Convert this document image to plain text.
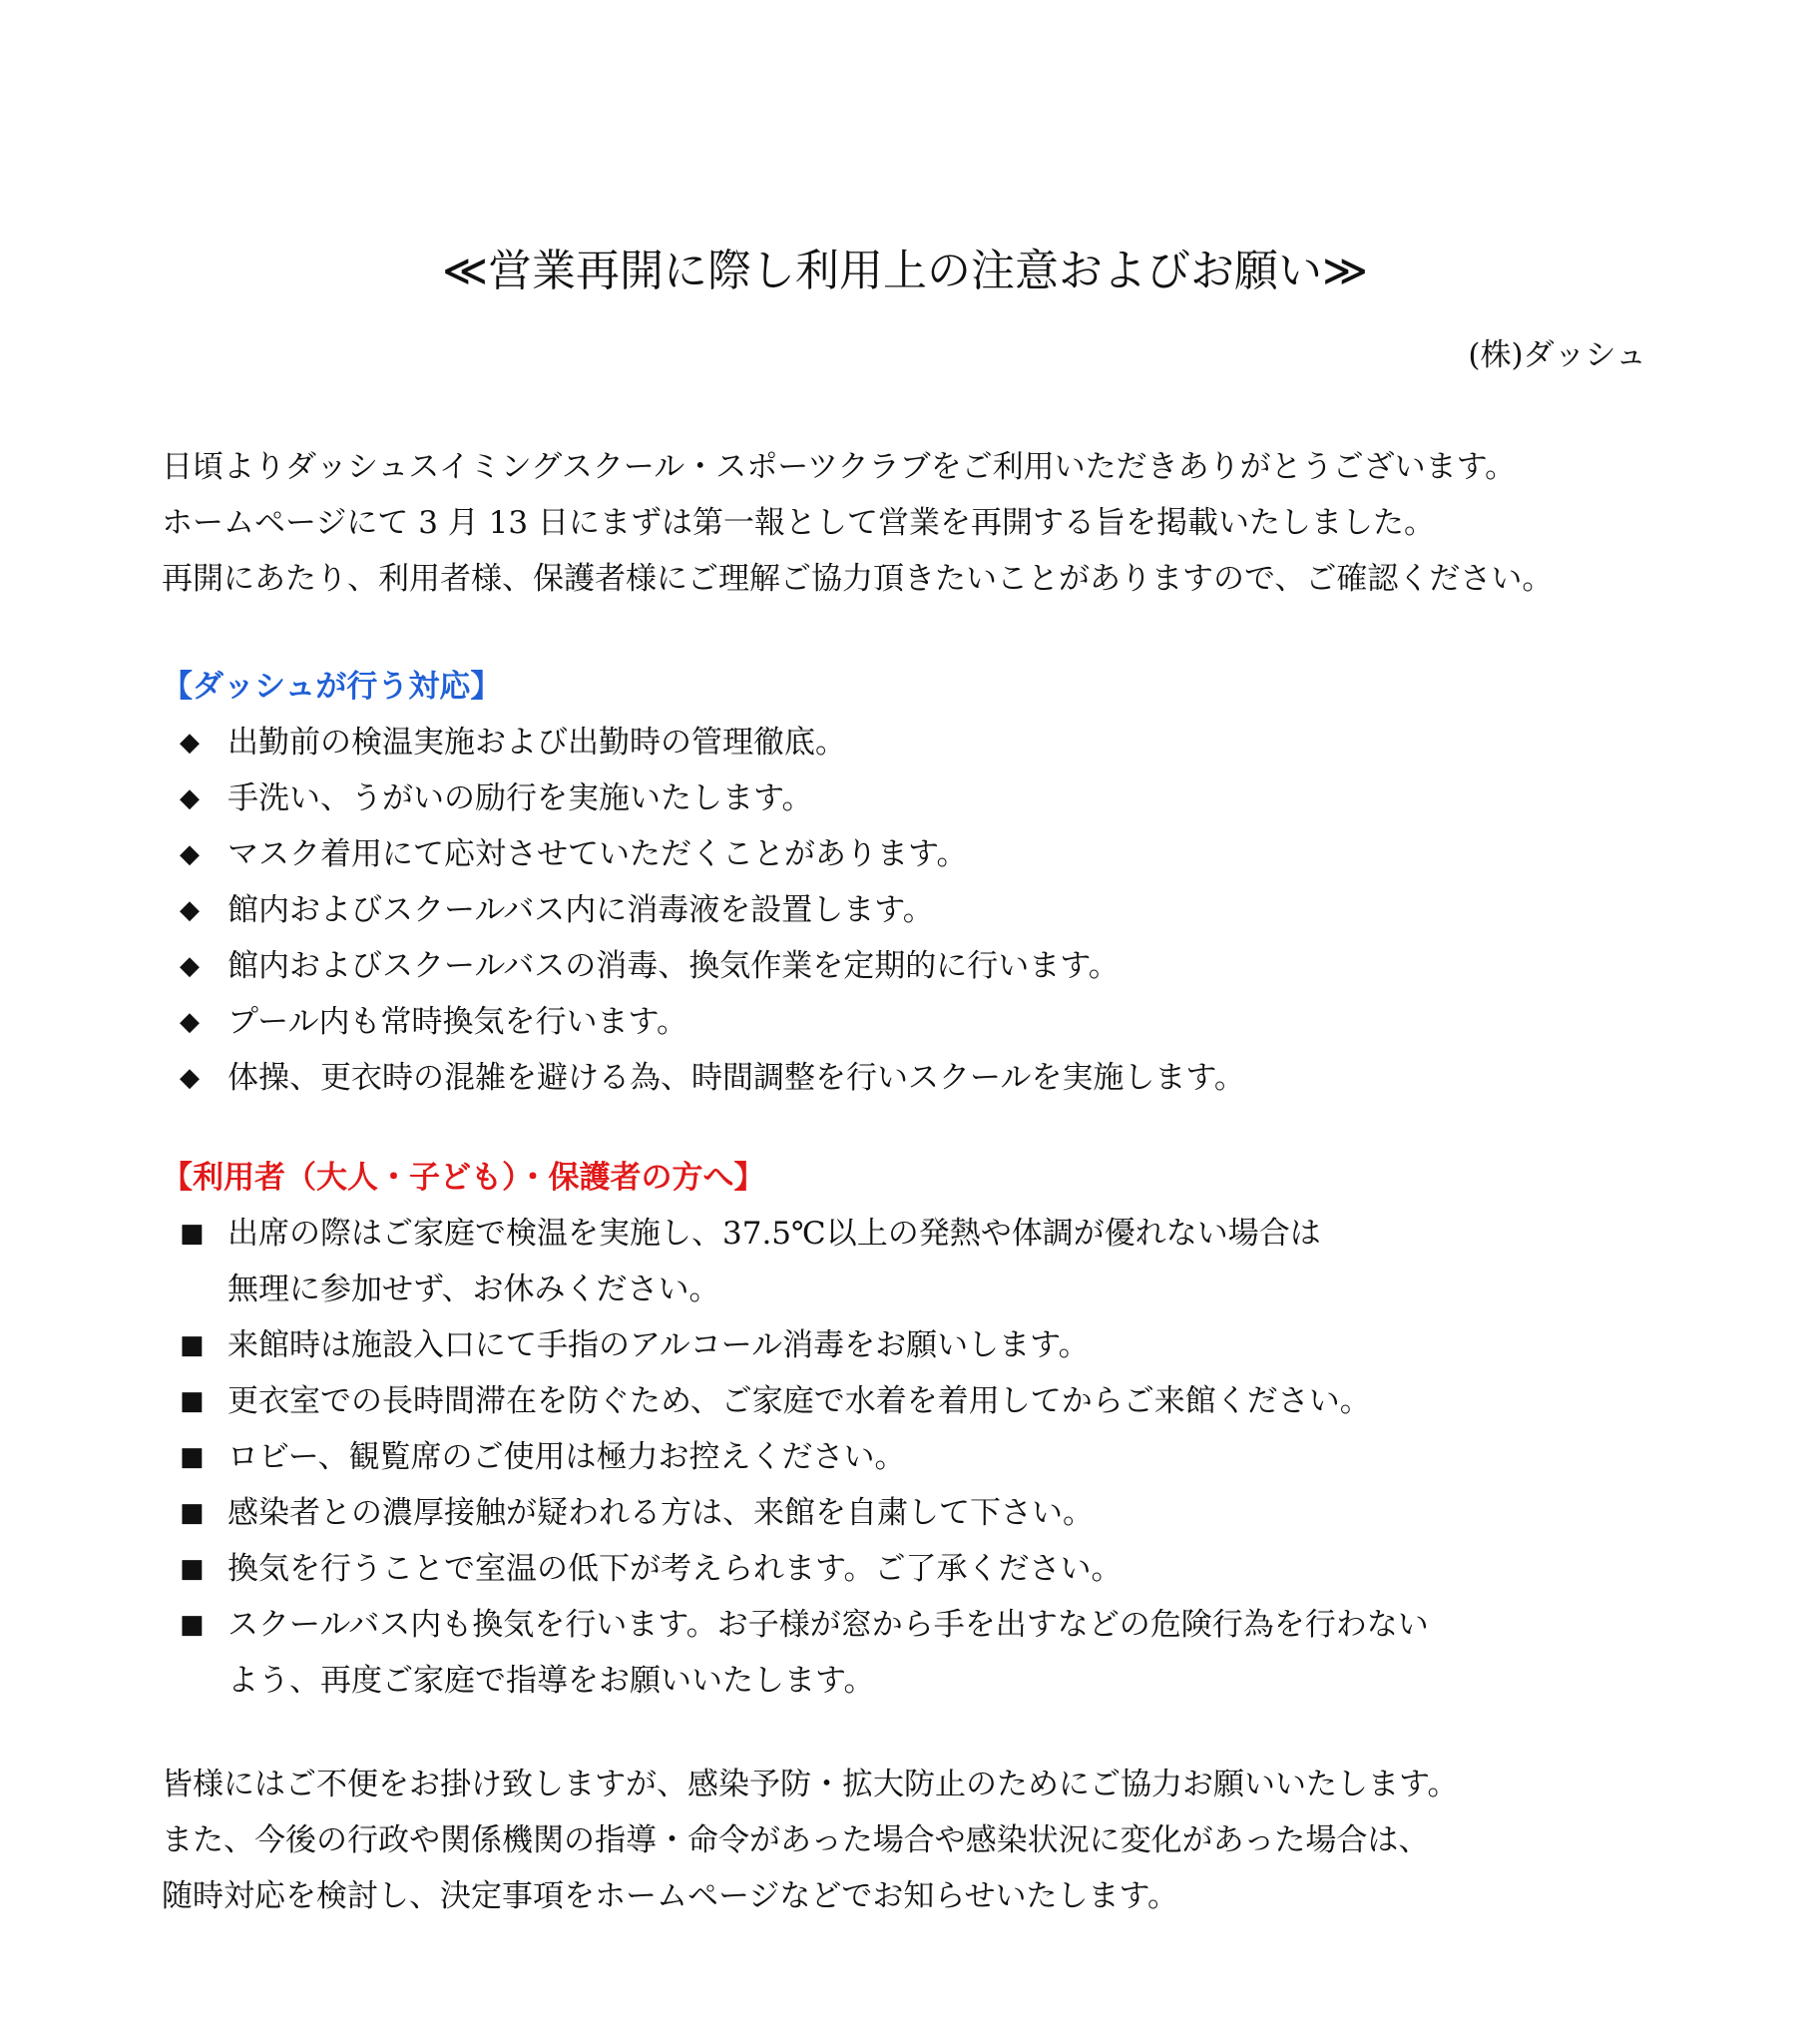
≪営業再開に際し利用上の注意およびお願い≫
(株)ダッシュ
日頃よりダッシュスイミングスクール・スポーツクラブをご利用いただきありがとうございます。
ホームページにて 3 月 13 日にまずは第一報として営業を再開する旨を掲載いたしました。
再開にあたり、利用者様、保護者様にご理解ご協力頂きたいことがありますので、ご確認ください。
【ダッシュが行う対応】
◆ 出勤前の検温実施および出勤時の管理徹底。
◆ 手洗い、うがいの励行を実施いたします。
◆ マスク着用にて応対させていただくことがあります。
◆ 館内およびスクールバス内に消毒液を設置します。
◆ 館内およびスクールバスの消毒、換気作業を定期的に行います。
◆ プール内も常時換気を行います。
◆ 体操、更衣時の混雑を避ける為、時間調整を行いスクールを実施します。
【利用者（大人・子ども）・保護者の方へ】
■ 出席の際はご家庭で検温を実施し、37.5℃以上の発熱や体調が優れない場合は
無理に参加せず、お休みください。
■ 来館時は施設入口にて手指のアルコール消毒をお願いします。
■ 更衣室での長時間滞在を防ぐため、ご家庭で水着を着用してからご来館ください。
■ ロビー、観覧席のご使用は極力お控えください。
■ 感染者との濃厚接触が疑われる方は、来館を自粛して下さい。
■ 換気を行うことで室温の低下が考えられます。ご了承ください。
■ スクールバス内も換気を行います。お子様が窓から手を出すなどの危険行為を行わない
よう、再度ご家庭で指導をお願いいたします。
皆様にはご不便をお掛け致しますが、感染予防・拡大防止のためにご協力お願いいたします。
また、今後の行政や関係機関の指導・命令があった場合や感染状況に変化があった場合は、
随時対応を検討し、決定事項をホームページなどでお知らせいたします。
